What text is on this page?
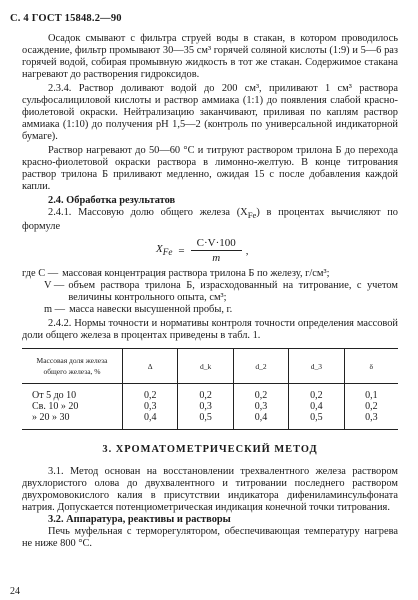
С. 4 ГОСТ 15848.2—90

Осадок смывают с фильтра струей воды в стакан, в котором проводилось осаждение, фильтр промывают 30—35 см³ горячей соляной кислоты (1:9) и 5—6 раз горячей водой, собирая промывную жидкость в тот же стакан. Содержимое стакана нагревают до растворения гидроксидов.

2.3.4. Раствор доливают водой до 200 см³, приливают 1 см³ раствора сульфосалициловой кислоты и раствор аммиака (1:1) до появления слабой красно-фиолетовой окраски. Нейтрализацию заканчивают, приливая по каплям раствор аммиака (1:10) до получения рН 1,5—2 (контроль по универсальной индикаторной бумаге).

Раствор нагревают до 50—60 °С и титруют раствором трилона Б до перехода красно-фиолетовой окраски раствора в лимонно-желтую. В конце титрования раствор трилона Б приливают медленно, ожидая 15 с после добавления каждой капли.

2.4. Обработка результатов

2.4.1. Массовую долю общего железа $(X_{Fe})$ в процентах вычисляют по формуле

$X_{Fe} = \frac{C\cdot V\cdot 100}{m}$ ,
где C — массовая концентрация раствора трилона Б по железу, г/см³;
V — объем раствора трилона Б, израсходованный на титрование, с учетом величины контрольного опыта, см³;
m — масса навески высушенной пробы, г.

2.4.2. Нормы точности и нормативы контроля точности определения массовой доли общего железа в процентах приведены в табл. 1.

Массовая доля железа общего железа, %	Δ	d_k	d_2	d_3	δ
От 5 до 10	0,2	0,2	0,2	0,2	0,1
Св. 10 » 20	0,3	0,3	0,3	0,4	0,2
» 20 » 30	0,4	0,5	0,4	0,5	0,3
3. ХРОМАТОМЕТРИЧЕСКИЙ МЕТОД

3.1. Метод основан на восстановлении трехвалентного железа раствором двухлористого олова до двухвалентного и титровании последнего раствором двухромовокислого калия в присутствии индикатора дифениламинсульфоната натрия. Допускается потенциометрическая индикация конечной точки титрования.

3.2. Аппаратура, реактивы и растворы

Печь муфельная с терморегулятором, обеспечивающая температуру нагрева не ниже 800 °С.

24
